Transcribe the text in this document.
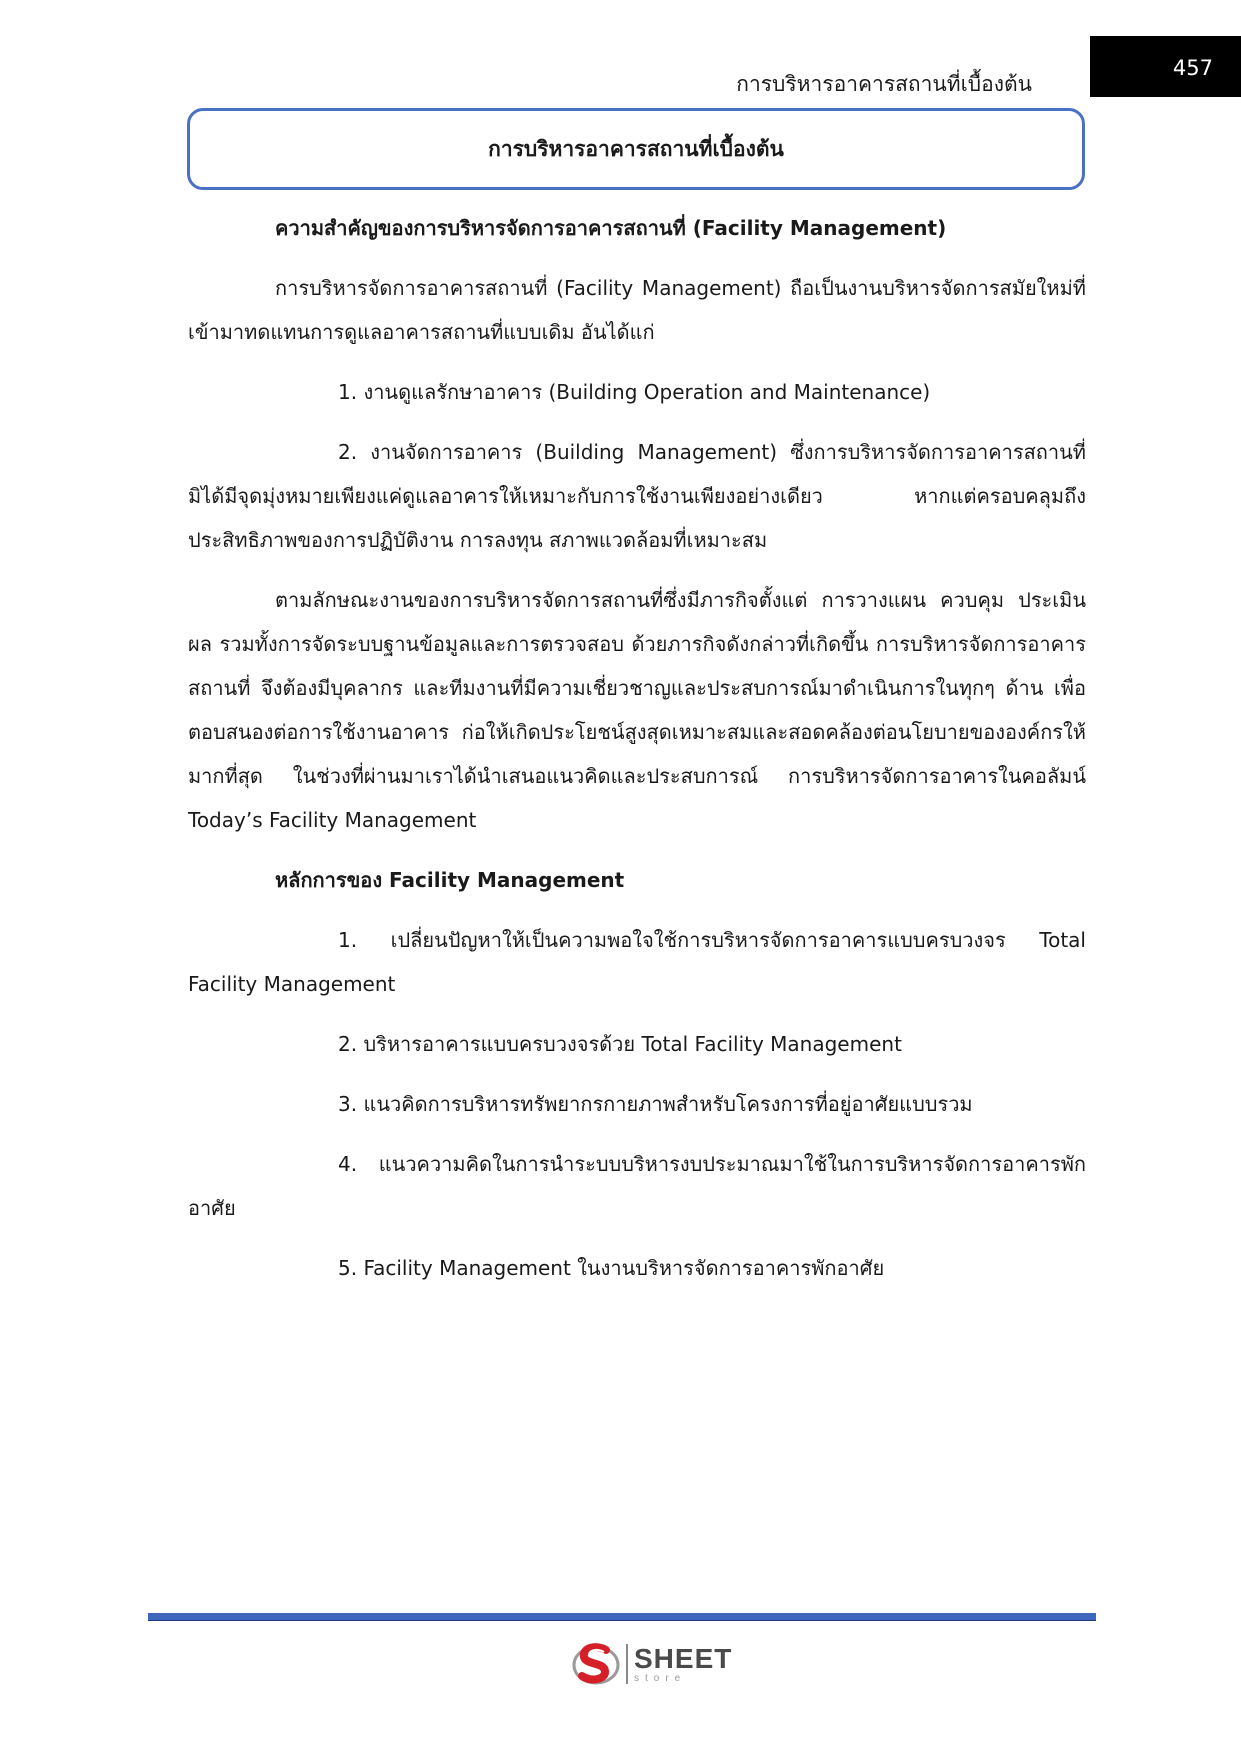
การบริหารอาคารสถานที่เบื้องต้น
457
การบริหารอาคารสถานที่เบื้องต้น

ความสำคัญของการบริหารจัดการอาคารสถานที่ (Facility Management)

การบริหารจัดการอาคารสถานที่ (Facility Management) ถือเป็นงานบริหารจัดการสมัยใหม่ที่เข้ามาทดแทนการดูแลอาคารสถานที่แบบเดิม อันได้แก่

1. งานดูแลรักษาอาคาร (Building Operation and Maintenance)

2. งานจัดการอาคาร (Building Management) ซึ่งการบริหารจัดการอาคารสถานที่มิได้มีจุดมุ่งหมายเพียงแค่ดูแลอาคารให้เหมาะกับการใช้งานเพียงอย่างเดียว หากแต่ครอบคลุมถึงประสิทธิภาพของการปฏิบัติงาน การลงทุน สภาพแวดล้อมที่เหมาะสม

ตามลักษณะงานของการบริหารจัดการสถานที่ซึ่งมีภารกิจตั้งแต่ การวางแผน ควบคุม ประเมินผล รวมทั้งการจัดระบบฐานข้อมูลและการตรวจสอบ ด้วยภารกิจดังกล่าวที่เกิดขึ้น การบริหารจัดการอาคารสถานที่ จึงต้องมีบุคลากร และทีมงานที่มีความเชี่ยวชาญและประสบการณ์มาดำเนินการในทุกๆ ด้าน เพื่อตอบสนองต่อการใช้งานอาคาร ก่อให้เกิดประโยชน์สูงสุดเหมาะสมและสอดคล้องต่อนโยบายขององค์กรให้มากที่สุด ในช่วงที่ผ่านมาเราได้นำเสนอแนวคิดและประสบการณ์ การบริหารจัดการอาคารในคอลัมน์ Today’s Facility Management

หลักการของ Facility Management

1. เปลี่ยนปัญหาให้เป็นความพอใจใช้การบริหารจัดการอาคารแบบครบวงจร Total Facility Management

2. บริหารอาคารแบบครบวงจรด้วย Total Facility Management

3. แนวคิดการบริหารทรัพยากรกายภาพสำหรับโครงการที่อยู่อาศัยแบบรวม

4. แนวความคิดในการนำระบบบริหารงบประมาณมาใช้ในการบริหารจัดการอาคารพักอาศัย

5. Facility Management ในงานบริหารจัดการอาคารพักอาศัย

SHEET
store
